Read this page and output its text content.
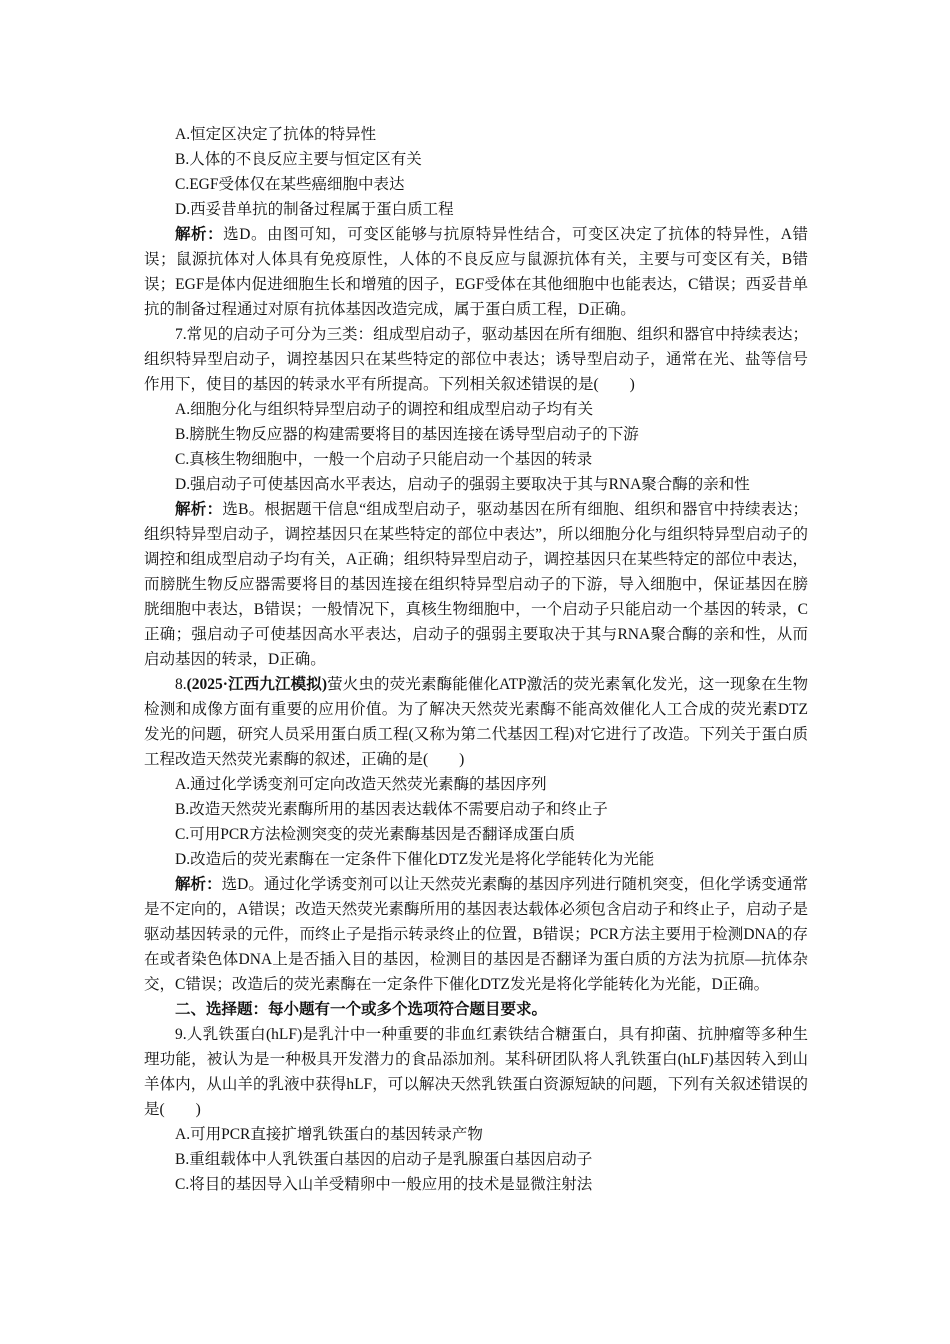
A.恒定区决定了抗体的特异性

B.人体的不良反应主要与恒定区有关

C.EGF受体仅在某些癌细胞中表达

D.西妥昔单抗的制备过程属于蛋白质工程

解析：选D。由图可知，可变区能够与抗原特异性结合，可变区决定了抗体的特异性，A错误；鼠源抗体对人体具有免疫原性，人体的不良反应与鼠源抗体有关，主要与可变区有关，B错误；EGF是体内促进细胞生长和增殖的因子，EGF受体在其他细胞中也能表达，C错误；西妥昔单抗的制备过程通过对原有抗体基因改造完成，属于蛋白质工程，D正确。

7.常见的启动子可分为三类：组成型启动子，驱动基因在所有细胞、组织和器官中持续表达；组织特异型启动子，调控基因只在某些特定的部位中表达；诱导型启动子，通常在光、盐等信号作用下，使目的基因的转录水平有所提高。下列相关叙述错误的是(　　)

A.细胞分化与组织特异型启动子的调控和组成型启动子均有关

B.膀胱生物反应器的构建需要将目的基因连接在诱导型启动子的下游

C.真核生物细胞中，一般一个启动子只能启动一个基因的转录

D.强启动子可使基因高水平表达，启动子的强弱主要取决于其与RNA聚合酶的亲和性

解析：选B。根据题干信息“组成型启动子，驱动基因在所有细胞、组织和器官中持续表达；组织特异型启动子，调控基因只在某些特定的部位中表达”，所以细胞分化与组织特异型启动子的调控和组成型启动子均有关，A正确；组织特异型启动子，调控基因只在某些特定的部位中表达，而膀胱生物反应器需要将目的基因连接在组织特异型启动子的下游，导入细胞中，保证基因在膀胱细胞中表达，B错误；一般情况下，真核生物细胞中，一个启动子只能启动一个基因的转录，C正确；强启动子可使基因高水平表达，启动子的强弱主要取决于其与RNA聚合酶的亲和性，从而启动基因的转录，D正确。

8.(2025·江西九江模拟)萤火虫的荧光素酶能催化ATP激活的荧光素氧化发光，这一现象在生物检测和成像方面有重要的应用价值。为了解决天然荧光素酶不能高效催化人工合成的荧光素DTZ发光的问题，研究人员采用蛋白质工程(又称为第二代基因工程)对它进行了改造。下列关于蛋白质工程改造天然荧光素酶的叙述，正确的是(　　)

A.通过化学诱变剂可定向改造天然荧光素酶的基因序列

B.改造天然荧光素酶所用的基因表达载体不需要启动子和终止子

C.可用PCR方法检测突变的荧光素酶基因是否翻译成蛋白质

D.改造后的荧光素酶在一定条件下催化DTZ发光是将化学能转化为光能

解析：选D。通过化学诱变剂可以让天然荧光素酶的基因序列进行随机突变，但化学诱变通常是不定向的，A错误；改造天然荧光素酶所用的基因表达载体必须包含启动子和终止子，启动子是驱动基因转录的元件，而终止子是指示转录终止的位置，B错误；PCR方法主要用于检测DNA的存在或者染色体DNA上是否插入目的基因，检测目的基因是否翻译为蛋白质的方法为抗原—抗体杂交，C错误；改造后的荧光素酶在一定条件下催化DTZ发光是将化学能转化为光能，D正确。

二、选择题：每小题有一个或多个选项符合题目要求。

9.人乳铁蛋白(hLF)是乳汁中一种重要的非血红素铁结合糖蛋白，具有抑菌、抗肿瘤等多种生理功能，被认为是一种极具开发潜力的食品添加剂。某科研团队将人乳铁蛋白(hLF)基因转入到山羊体内，从山羊的乳液中获得hLF，可以解决天然乳铁蛋白资源短缺的问题，下列有关叙述错误的是(　　)

A.可用PCR直接扩增乳铁蛋白的基因转录产物

B.重组载体中人乳铁蛋白基因的启动子是乳腺蛋白基因启动子

C.将目的基因导入山羊受精卵中一般应用的技术是显微注射法
